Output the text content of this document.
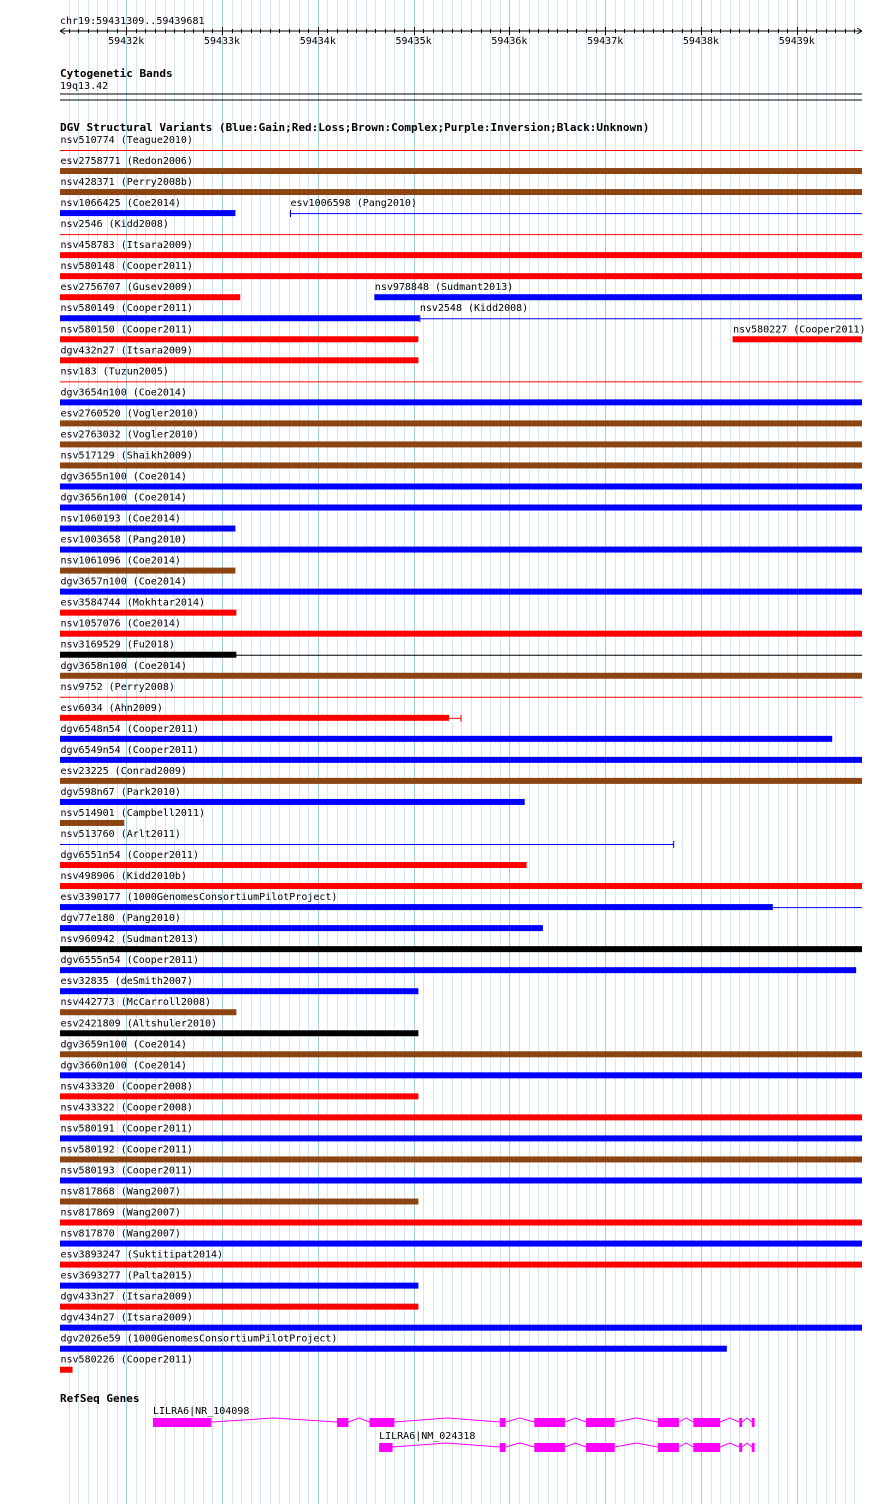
chr19:59431309..59439681
59432k	59433k	59434k	59435k	59436k	59437k	59438k	59439k
Cytogenetic Bands
19q13.42
DGV Structural Variants (Blue:Gain;Red:Loss;Brown:Complex;Purple:Inversion;Black:Unknown)
nsv510774 (Teague2010)
esv2758771 (Redon2006)
nsv428371 (Perry2008b)
nsv1066425 (Coe2014)	esv1006598 (Pang2010)
nsv2546 (Kidd2008)
nsv458783 (Itsara2009)
nsv580148 (Cooper2011)
esv2756707 (Gusev2009)	nsv978848 (Sudmant2013)
nsv580149 (Cooper2011)	nsv2548 (Kidd2008)
nsv580150 (Cooper2011)	nsv580227 (Cooper2011)
dgv432n27 (Itsara2009)
nsv183 (Tuzun2005)
dgv3654n100 (Coe2014)
esv2760520 (Vogler2010)
esv2763032 (Vogler2010)
nsv517129 (Shaikh2009)
dgv3655n100 (Coe2014)
dgv3656n100 (Coe2014)
nsv1060193 (Coe2014)
esv1003658 (Pang2010)
nsv1061096 (Coe2014)
dgv3657n100 (Coe2014)
esv3584744 (Mokhtar2014)
nsv1057076 (Coe2014)
nsv3169529 (Fu2018)
dgv3658n100 (Coe2014)
nsv9752 (Perry2008)
esv6034 (Ahn2009)
dgv6548n54 (Cooper2011)
dgv6549n54 (Cooper2011)
esv23225 (Conrad2009)
dgv598n67 (Park2010)
nsv514901 (Campbell2011)
nsv513760 (Arlt2011)
dgv6551n54 (Cooper2011)
nsv498906 (Kidd2010b)
esv3390177 (1000GenomesConsortiumPilotProject)
dgv77e180 (Pang2010)
nsv960942 (Sudmant2013)
dgv6555n54 (Cooper2011)
esv32835 (deSmith2007)
nsv442773 (McCarroll2008)
esv2421809 (Altshuler2010)
dgv3659n100 (Coe2014)
dgv3660n100 (Coe2014)
nsv433320 (Cooper2008)
nsv433322 (Cooper2008)
nsv580191 (Cooper2011)
nsv580192 (Cooper2011)
nsv580193 (Cooper2011)
nsv817868 (Wang2007)
nsv817869 (Wang2007)
nsv817870 (Wang2007)
esv3893247 (Suktitipat2014)
esv3693277 (Palta2015)
dgv433n27 (Itsara2009)
dgv434n27 (Itsara2009)
dgv2026e59 (1000GenomesConsortiumPilotProject)
nsv580226 (Cooper2011)
RefSeq Genes
LILRA6|NR_104098
LILRA6|NM_024318
